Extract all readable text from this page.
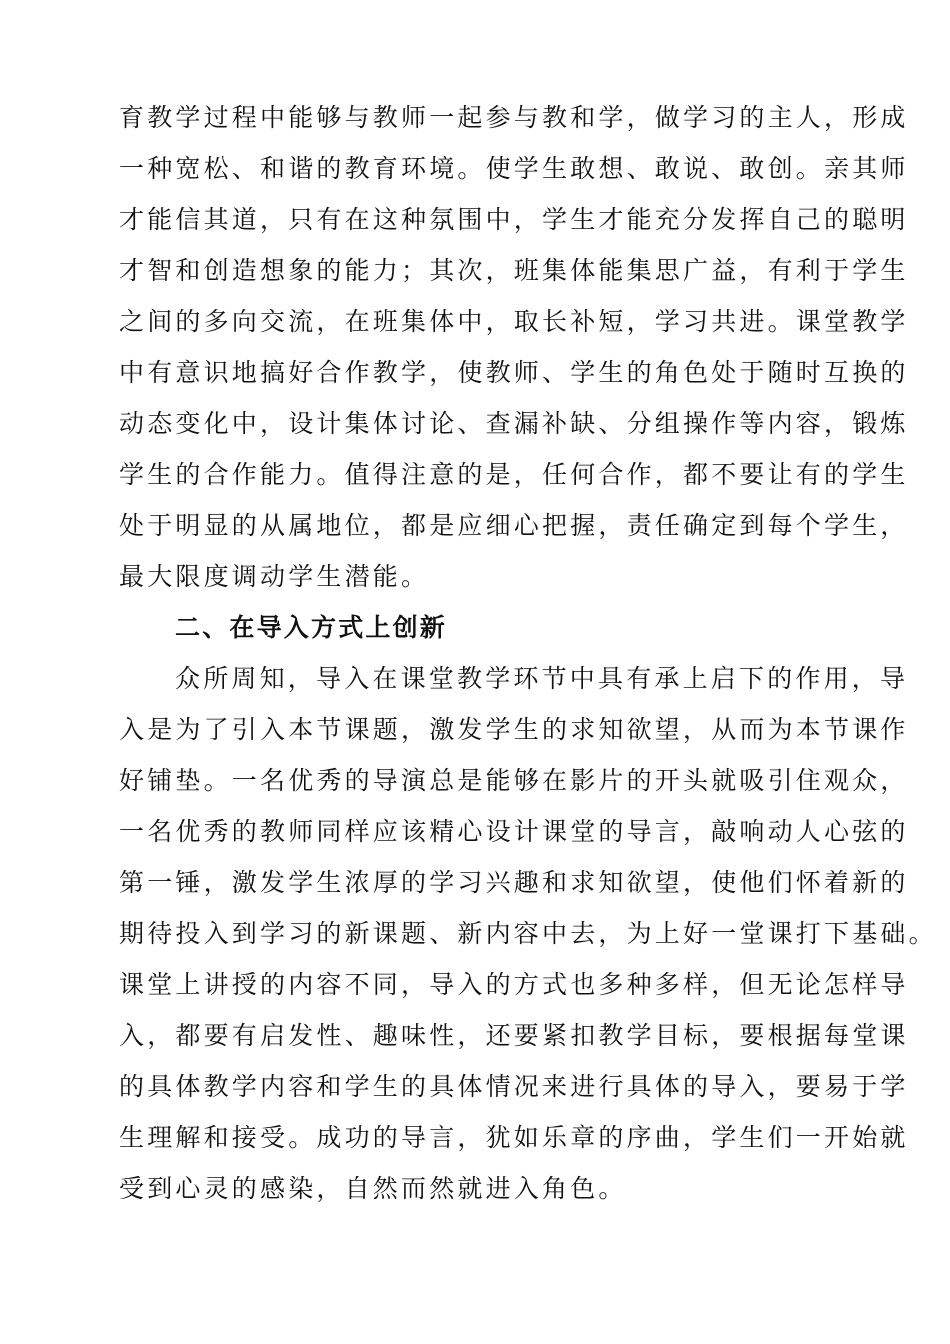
育教学过程中能够与教师一起参与教和学，做学习的主人，形成
一种宽松、和谐的教育环境。使学生敢想、敢说、敢创。亲其师
才能信其道，只有在这种氛围中，学生才能充分发挥自己的聪明
才智和创造想象的能力；其次，班集体能集思广益，有利于学生
之间的多向交流，在班集体中，取长补短，学习共进。课堂教学
中有意识地搞好合作教学，使教师、学生的角色处于随时互换的
动态变化中，设计集体讨论、查漏补缺、分组操作等内容，锻炼
学生的合作能力。值得注意的是，任何合作，都不要让有的学生
处于明显的从属地位，都是应细心把握，责任确定到每个学生，
最大限度调动学生潜能。
二、在导入方式上创新
众所周知，导入在课堂教学环节中具有承上启下的作用，导
入是为了引入本节课题，激发学生的求知欲望，从而为本节课作
好铺垫。一名优秀的导演总是能够在影片的开头就吸引住观众，
一名优秀的教师同样应该精心设计课堂的导言，敲响动人心弦的
第一锤，激发学生浓厚的学习兴趣和求知欲望，使他们怀着新的
期待投入到学习的新课题、新内容中去，为上好一堂课打下基础。
课堂上讲授的内容不同，导入的方式也多种多样，但无论怎样导
入，都要有启发性、趣味性，还要紧扣教学目标，要根据每堂课
的具体教学内容和学生的具体情况来进行具体的导入，要易于学
生理解和接受。成功的导言，犹如乐章的序曲，学生们一开始就
受到心灵的感染，自然而然就进入角色。
